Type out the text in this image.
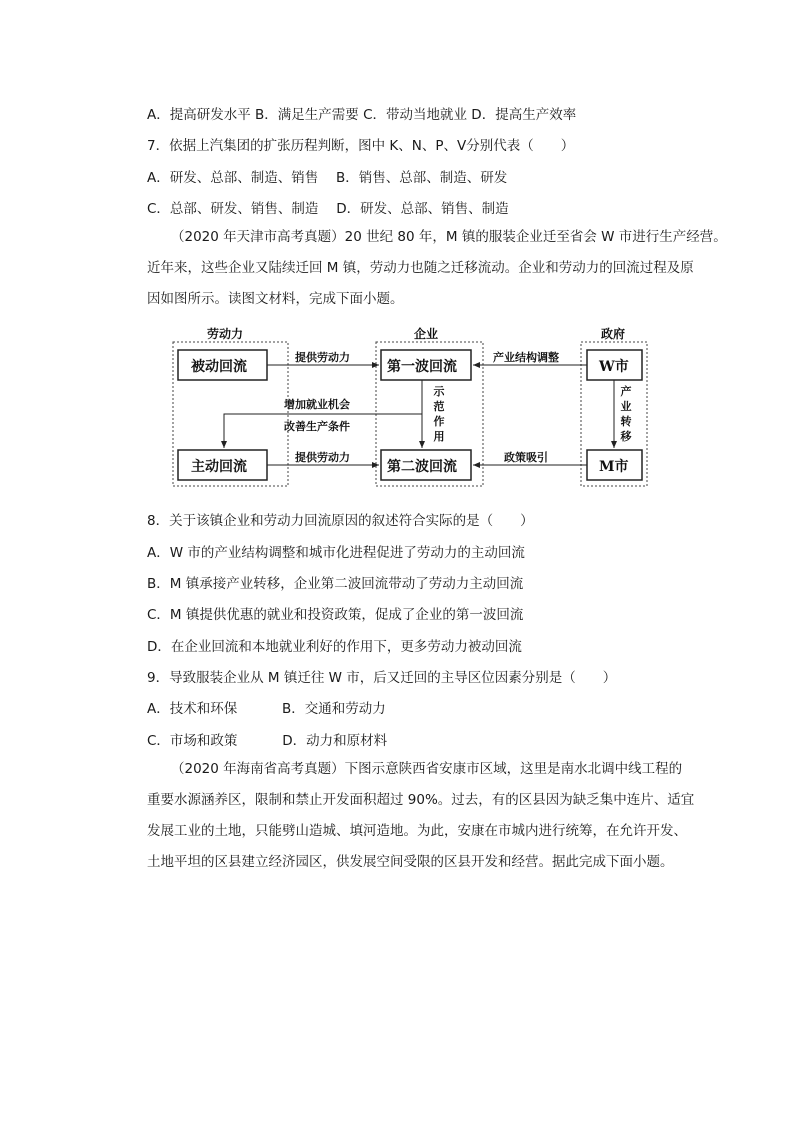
A．提高研发水平 B．满足生产需要 C．带动当地就业 D．提高生产效率
7．依据上汽集团的扩张历程判断，图中 K、N、P、V分别代表（　　）
A．研发、总部、制造、销售　 B．销售、总部、制造、研发
C．总部、研发、销售、制造　 D．研发、总部、销售、制造
（2020 年天津市高考真题）20 世纪 80 年，M 镇的服装企业迁至省会 W 市进行生产经营。
近年来，这些企业又陆续迁回 M 镇，劳动力也随之迁移流动。企业和劳动力的回流过程及原
因如图所示。读图文材料，完成下面小题。
劳动力	企业	政府
被动回流
主动回流
第一波回流
第二波回流
W市
M市
提供劳动力
提供劳动力
产业结构调整
政策吸引
增加就业机会
改善生产条件
示范作用
产业转移
8．关于该镇企业和劳动力回流原因的叙述符合实际的是（　　）
A．W 市的产业结构调整和城市化进程促进了劳动力的主动回流
B．M 镇承接产业转移，企业第二波回流带动了劳动力主动回流
C．M 镇提供优惠的就业和投资政策，促成了企业的第一波回流
D．在企业回流和本地就业利好的作用下，更多劳动力被动回流
9．导致服装企业从 M 镇迁往 W 市，后又迁回的主导区位因素分别是（　　）
A．技术和环保　　　 B．交通和劳动力
C．市场和政策　　　 D．动力和原材料
（2020 年海南省高考真题）下图示意陕西省安康市区域，这里是南水北调中线工程的
重要水源涵养区，限制和禁止开发面积超过 90%。过去，有的区县因为缺乏集中连片、适宜
发展工业的土地，只能劈山造城、填河造地。为此，安康在市城内进行统筹，在允许开发、
土地平坦的区县建立经济园区，供发展空间受限的区县开发和经营。据此完成下面小题。
